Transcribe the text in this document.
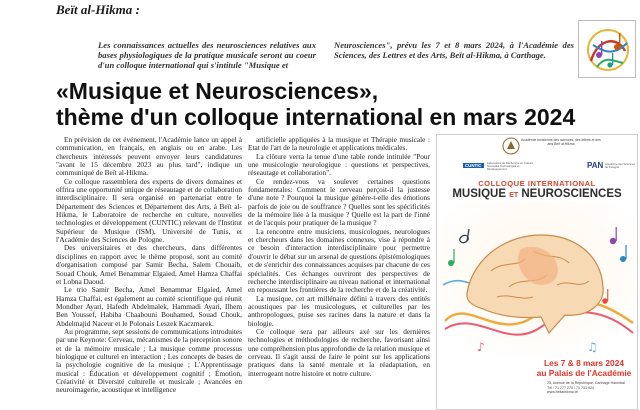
Beït al-Hikma :
Les connaissances actuelles des neurosciences relatives aux bases physiologiques de la pratique musicale seront au coeur d'un colloque international qui s'intitule "Musique et
Neurosciences", prévu les 7 et 8 mars 2024, à l'Académie des Sciences, des Lettres et des Arts, Beït al-Hikma, à Carthage.
«Musique et Neurosciences»,
thème d'un colloque international en mars 2024

En prévision de cet événement, l'Académie lance un appel à communication, en français, en anglais ou en arabe. Les chercheurs intéressés peuvent envoyer leurs candidatures "avant le 15 décembre 2023 au plus tard", indique un communiqué de Beït al-Hikma.

Ce colloque rassemblera des experts de divers domaines et offrira une opportunité unique de réseautage et de collaboration interdisciplinaire. Il sera organisé en partenariat entre le Département des Sciences et Département des Arts, à Beït al-Hikma, le Laboratoire de recherche en culture, nouvelles technologies et développement (CUNTIC) relevant de l'Institut Supérieur de Musique (ISM), Université de Tunis, et l'Académie des Sciences de Pologne.

Des universitaires et des chercheurs, dans différentes disciplines en rapport avec le thème proposé, sont au comité d'organisation composé par Samir Becha, Salem Chouaib, Souad Chouk, Amel Benammar Elgaied, Amel Hamza Chaffai et Lobna Daoud.

Le trio Samir Becha, Amel Benammar Elgaied, Amel Hamza Chaffai, est également au comité scientifique qui réunit Mondher Ayari, Hafedh Abdelmalek, Hammadi Ayari, Ilhem Ben Youssef, Habiba Chaabouni Bouhamed, Souad Chouk, Abdelmajid Naceur et le Polonais Leszek Kaczmarek.

Au programme, sept sessions de communications introduites par une Keynote: Cerveau, mécanismes de la perception sonore et de la mémoire musicale ; La musique comme processus biologique et culturel en interaction ; Les concepts de bases de la psychologie cognitive de la musique ; L'Apprentissage musical : Éducation et développement cognitif ; Émotion, Créativité et Diversité culturelle et musicale ; Avancées en neuroimagerie, acoustique et intelligence

artificielle appliquées à la musique et Thérapie musicale : Etat de l'art de la neurologie et applications médicales.

La clôture verra la tenue d'une table ronde intitulée "Pour une musicologie neurologique : questions et perspectives, réseautage et collaboration".

Ce rendez-vous va soulever certaines questions fondamentales: Comment le cerveau perçoit-il la justesse d'une note ? Pourquoi la musique génère-t-elle des émotions parfois de joie ou de souffrance ? Quelles sont les spécificités de la mémoire liée à la musique ? Quelle est la part de l'inné et de l'acquis pour pratiquer de la musique ?

La rencontre entre musiciens, musicologues, neurologues et chercheurs dans les domaines connexes, vise à répondre à ce besoin d'interaction interdisciplinaire pour permettre d'ouvrir le débat sur un arsenal de questions épistémologiques et de s'enrichir des connaissances acquises par chacune de ces spécialités. Ces échanges ouvriront des perspectives de recherche interdisciplinaire au niveau national et international en repoussant les frontières de la recherche et de la créativité.

La musique, cet art millénaire défini à travers des entités acoustiques par les musicologues, et culturelles par les anthropologues, puise ses racines dans la nature et dans la biologie.

Ce colloque sera par ailleurs axé sur les dernières technologies et méthodologies de recherche, favorisant ainsi une compréhension plus approfondie de la relation musique et cerveau. Il s'agit aussi de faire le point sur les applications pratiques dans la santé mentale et la réadaptation, en interrogeant notre histoire et notre culture.

Académie tunisienne des sciences, des lettres et des arts Beït al-Hikma
CUNTIC	Laboratoire de Recherche en Culture, Nouvelles Technologies et Développement	PAN Académie des Sciences de Pologne
COLLOQUE INTERNATIONAL
MUSIQUE ET NEUROSCIENCES
♪	♫
Les 7 & 8 mars 2024
au Palais de l'Académie
25, Avenue de la République, Carthage Hannibal
Tél : 71 277 275 / 71 731 924
www.beitalhikma.tn
